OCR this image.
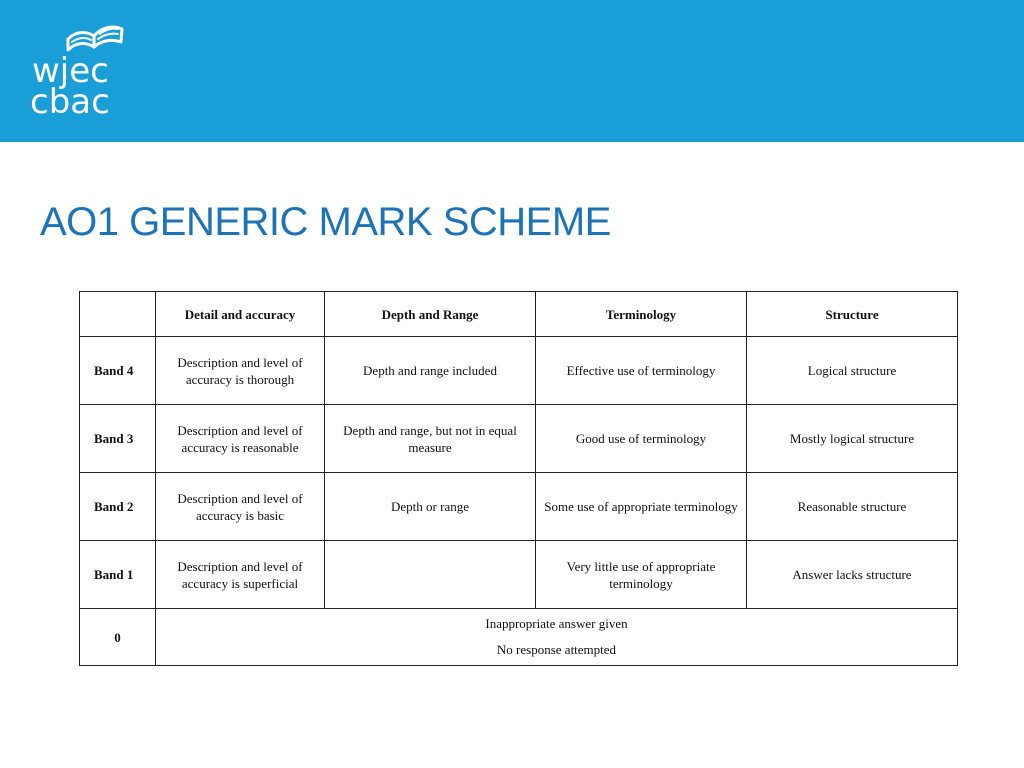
wjec
cbac
AO1 GENERIC MARK SCHEME
	Detail and accuracy	Depth and Range	Terminology	Structure
Band 4	Description and level of accuracy is thorough	Depth and range included	Effective use of terminology	Logical structure
Band 3	Description and level of accuracy is reasonable	Depth and range, but not in equal measure	Good use of terminology	Mostly logical structure
Band 2	Description and level of accuracy is basic	Depth or range	Some use of appropriate terminology	Reasonable structure
Band 1	Description and level of accuracy is superficial		Very little use of appropriate terminology	Answer lacks structure
0	Inappropriate answer given
No response attempted			
